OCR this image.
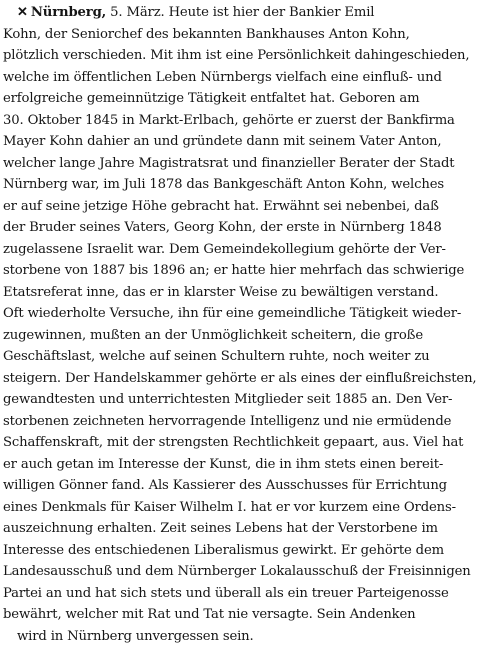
✕ Nürnberg, 5. März. Heute ist hier der Bankier Emil
Kohn, der Seniorchef des bekannten Bankhauses Anton Kohn,
plötzlich verschieden. Mit ihm ist eine Persönlichkeit dahingeschieden,
welche im öffentlichen Leben Nürnbergs vielfach eine einfluß- und
erfolgreiche gemeinnützige Tätigkeit entfaltet hat. Geboren am
30. Oktober 1845 in Markt-Erlbach, gehörte er zuerst der Bankfirma
Mayer Kohn dahier an und gründete dann mit seinem Vater Anton,
welcher lange Jahre Magistratsrat und finanzieller Berater der Stadt
Nürnberg war, im Juli 1878 das Bankgeschäft Anton Kohn, welches
er auf seine jetzige Höhe gebracht hat. Erwähnt sei nebenbei, daß
der Bruder seines Vaters, Georg Kohn, der erste in Nürnberg 1848
zugelassene Israelit war. Dem Gemeindekollegium gehörte der Ver-
storbene von 1887 bis 1896 an; er hatte hier mehrfach das schwierige
Etatsreferat inne, das er in klarster Weise zu bewältigen verstand.
Oft wiederholte Versuche, ihn für eine gemeindliche Tätigkeit wieder-
zugewinnen, mußten an der Unmöglichkeit scheitern, die große
Geschäftslast, welche auf seinen Schultern ruhte, noch weiter zu
steigern. Der Handelskammer gehörte er als eines der einflußreichsten,
gewandtesten und unterrichtesten Mitglieder seit 1885 an. Den Ver-
storbenen zeichneten hervorragende Intelligenz und nie ermüdende
Schaffenskraft, mit der strengsten Rechtlichkeit gepaart, aus. Viel hat
er auch getan im Interesse der Kunst, die in ihm stets einen bereit-
willigen Gönner fand. Als Kassierer des Ausschusses für Errichtung
eines Denkmals für Kaiser Wilhelm I. hat er vor kurzem eine Ordens-
auszeichnung erhalten. Zeit seines Lebens hat der Verstorbene im
Interesse des entschiedenen Liberalismus gewirkt. Er gehörte dem
Landesausschuß und dem Nürnberger Lokalausschuß der Freisinnigen
Partei an und hat sich stets und überall als ein treuer Parteigenosse
bewährt, welcher mit Rat und Tat nie versagte. Sein Andenken
wird in Nürnberg unvergessen sein.
